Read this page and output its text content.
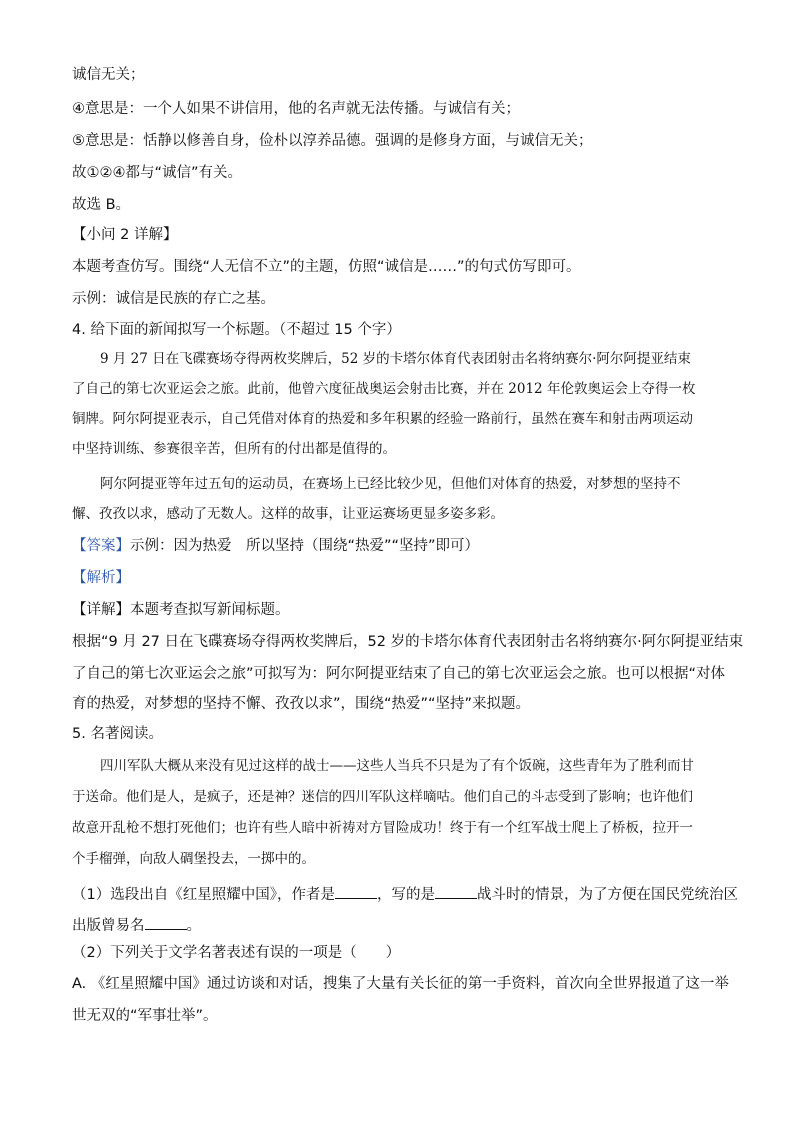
诚信无关；
④意思是：一个人如果不讲信用，他的名声就无法传播。与诚信有关；
⑤意思是：恬静以修善自身，俭朴以淳养品德。强调的是修身方面，与诚信无关；
故①②④都与“诚信”有关。
故选 B。
【小问 2 详解】
本题考查仿写。围绕“人无信不立”的主题，仿照“诚信是……”的句式仿写即可。
示例：诚信是民族的存亡之基。
4. 给下面的新闻拟写一个标题。（不超过 15 个字）
9 月 27 日在飞碟赛场夺得两枚奖牌后，52 岁的卡塔尔体育代表团射击名将纳赛尔·阿尔阿提亚结束
了自己的第七次亚运会之旅。此前，他曾六度征战奥运会射击比赛，并在 2012 年伦敦奥运会上夺得一枚
铜牌。阿尔阿提亚表示，自己凭借对体育的热爱和多年积累的经验一路前行，虽然在赛车和射击两项运动
中坚持训练、参赛很辛苦，但所有的付出都是值得的。
阿尔阿提亚等年过五旬的运动员，在赛场上已经比较少见，但他们对体育的热爱，对梦想的坚持不
懈、孜孜以求，感动了无数人。这样的故事，让亚运赛场更显多姿多彩。
【答案】示例：因为热爱　所以坚持（围绕“热爱”“坚持”即可）
【解析】
【详解】本题考查拟写新闻标题。
根据“9 月 27 日在飞碟赛场夺得两枚奖牌后，52 岁的卡塔尔体育代表团射击名将纳赛尔·阿尔阿提亚结束
了自己的第七次亚运会之旅”可拟写为：阿尔阿提亚结束了自己的第七次亚运会之旅。也可以根据“对体
育的热爱，对梦想的坚持不懈、孜孜以求”，围绕“热爱”“坚持”来拟题。
5. 名著阅读。
四川军队大概从来没有见过这样的战士——这些人当兵不只是为了有个饭碗，这些青年为了胜利而甘
于送命。他们是人，是疯子，还是神？迷信的四川军队这样嘀咕。他们自己的斗志受到了影响；也许他们
故意开乱枪不想打死他们；也许有些人暗中祈祷对方冒险成功！终于有一个红军战士爬上了桥板，拉开一
个手榴弹，向敌人碉堡投去，一掷中的。
（1）选段出自《红星照耀中国》，作者是	，写的是	战斗时的情景，为了方便在国民党统治区
出版曾易名	。
（2）下列关于文学名著表述有误的一项是（　　）
A. 《红星照耀中国》通过访谈和对话，搜集了大量有关长征的第一手资料，首次向全世界报道了这一举
世无双的“军事壮举”。
